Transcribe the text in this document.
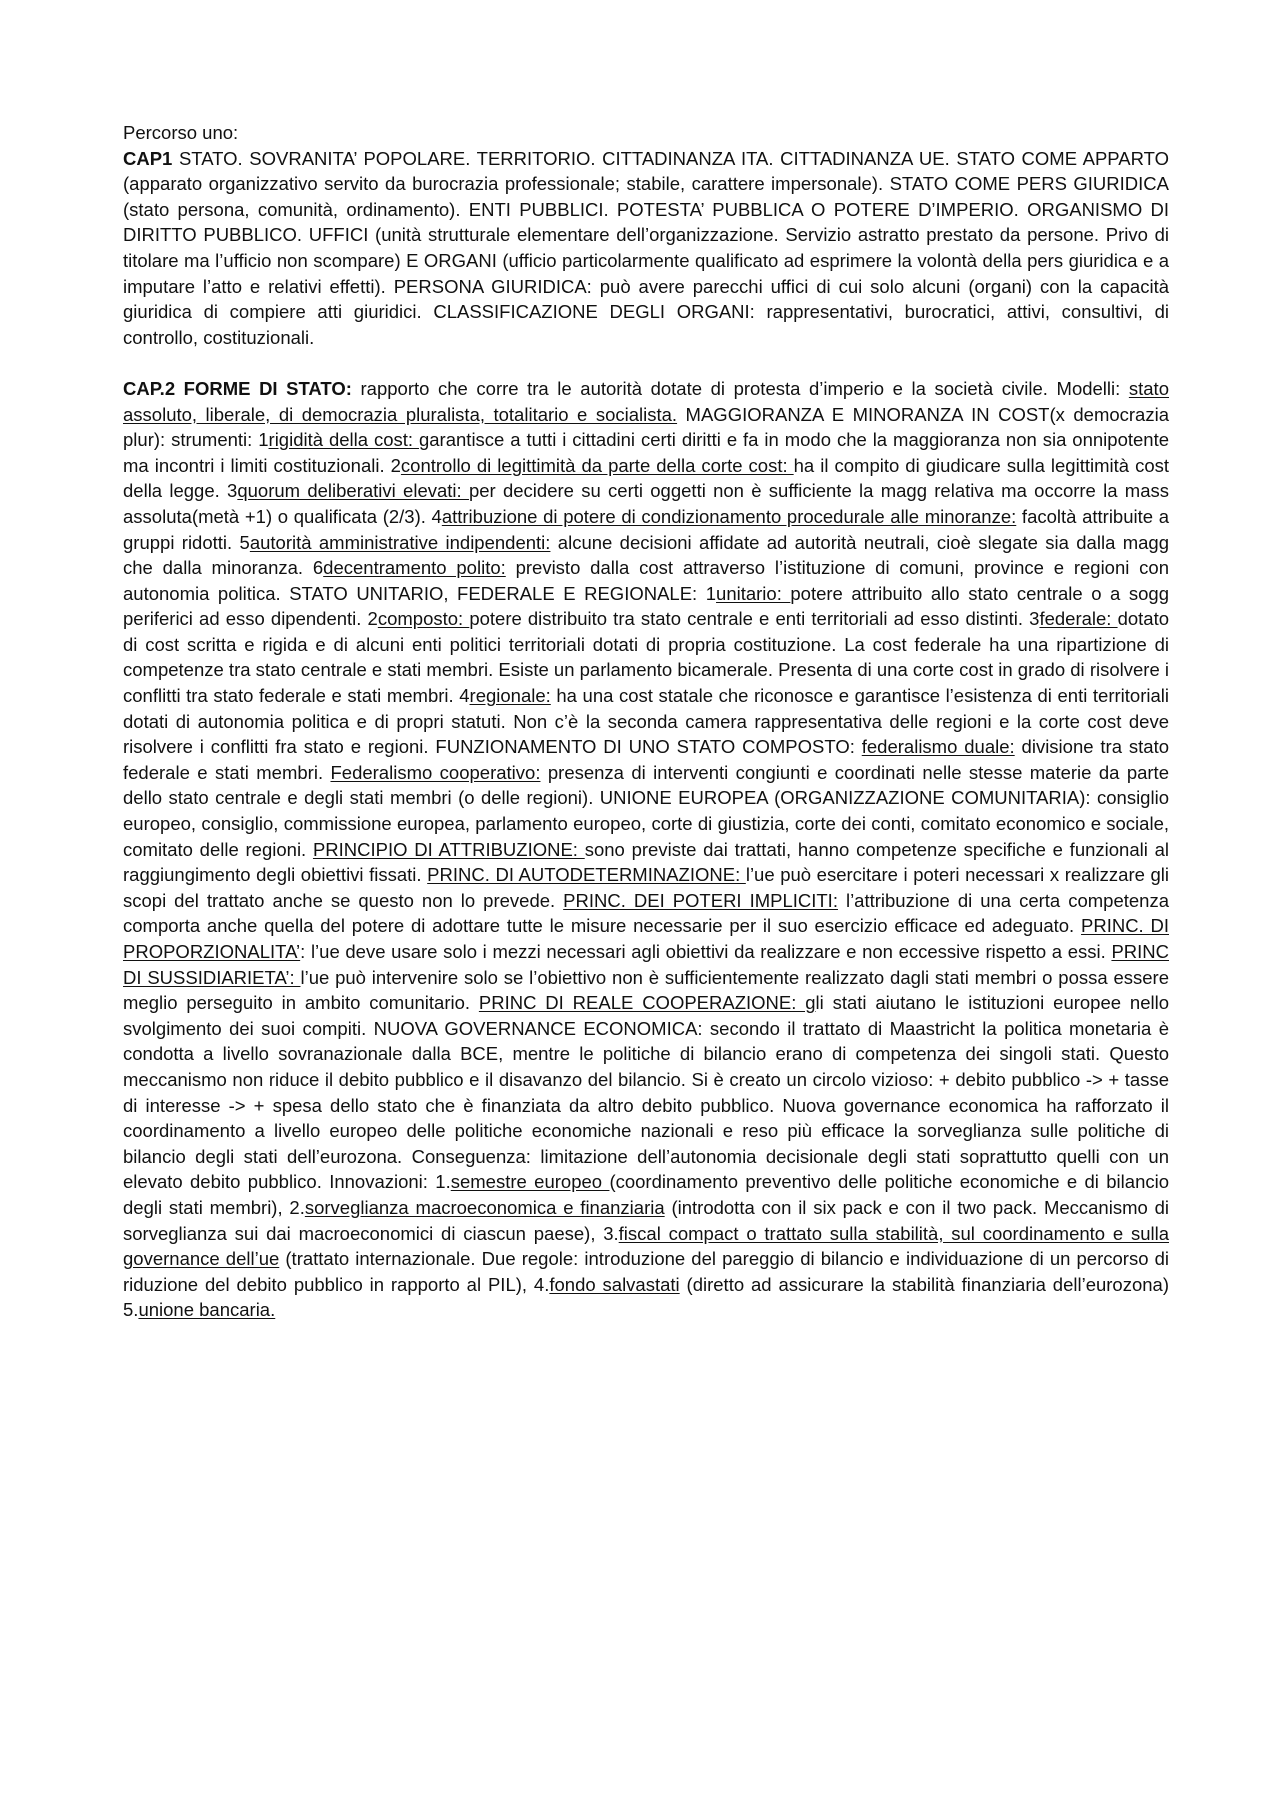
Percorso uno:

CAP1 STATO. SOVRANITA’ POPOLARE. TERRITORIO. CITTADINANZA ITA. CITTADINANZA UE. STATO COME APPARTO (apparato organizzativo servito da burocrazia professionale; stabile, carattere impersonale). STATO COME PERS GIURIDICA (stato persona, comunità, ordinamento). ENTI PUBBLICI. POTESTA’ PUBBLICA O POTERE D’IMPERIO. ORGANISMO DI DIRITTO PUBBLICO. UFFICI (unità strutturale elementare dell’organizzazione. Servizio astratto prestato da persone. Privo di titolare ma l’ufficio non scompare) E ORGANI (ufficio particolarmente qualificato ad esprimere la volontà della pers giuridica e a imputare l’atto e relativi effetti). PERSONA GIURIDICA: può avere parecchi uffici di cui solo alcuni (organi) con la capacità giuridica di compiere atti giuridici. CLASSIFICAZIONE DEGLI ORGANI: rappresentativi, burocratici, attivi, consultivi, di controllo, costituzionali.

CAP.2 FORME DI STATO: rapporto che corre tra le autorità dotate di protesta d’imperio e la società civile. Modelli: stato assoluto, liberale, di democrazia pluralista, totalitario e socialista. MAGGIORANZA E MINORANZA IN COST(x democrazia plur): strumenti: 1rigidità della cost: garantisce a tutti i cittadini certi diritti e fa in modo che la maggioranza non sia onnipotente ma incontri i limiti costituzionali. 2controllo di legittimità da parte della corte cost: ha il compito di giudicare sulla legittimità cost della legge. 3quorum deliberativi elevati: per decidere su certi oggetti non è sufficiente la magg relativa ma occorre la mass assoluta(metà +1) o qualificata (2/3). 4attribuzione di potere di condizionamento procedurale alle minoranze: facoltà attribuite a gruppi ridotti. 5autorità amministrative indipendenti: alcune decisioni affidate ad autorità neutrali, cioè slegate sia dalla magg che dalla minoranza. 6decentramento polito: previsto dalla cost attraverso l’istituzione di comuni, province e regioni con autonomia politica. STATO UNITARIO, FEDERALE E REGIONALE: 1unitario: potere attribuito allo stato centrale o a sogg periferici ad esso dipendenti. 2composto: potere distribuito tra stato centrale e enti territoriali ad esso distinti. 3federale: dotato di cost scritta e rigida e di alcuni enti politici territoriali dotati di propria costituzione. La cost federale ha una ripartizione di competenze tra stato centrale e stati membri. Esiste un parlamento bicamerale. Presenta di una corte cost in grado di risolvere i conflitti tra stato federale e stati membri. 4regionale: ha una cost statale che riconosce e garantisce l’esistenza di enti territoriali dotati di autonomia politica e di propri statuti. Non c’è la seconda camera rappresentativa delle regioni e la corte cost deve risolvere i conflitti fra stato e regioni. FUNZIONAMENTO DI UNO STATO COMPOSTO: federalismo duale: divisione tra stato federale e stati membri. Federalismo cooperativo: presenza di interventi congiunti e coordinati nelle stesse materie da parte dello stato centrale e degli stati membri (o delle regioni). UNIONE EUROPEA (ORGANIZZAZIONE COMUNITARIA): consiglio europeo, consiglio, commissione europea, parlamento europeo, corte di giustizia, corte dei conti, comitato economico e sociale, comitato delle regioni. PRINCIPIO DI ATTRIBUZIONE: sono previste dai trattati, hanno competenze specifiche e funzionali al raggiungimento degli obiettivi fissati. PRINC. DI AUTODETERMINAZIONE: l’ue può esercitare i poteri necessari x realizzare gli scopi del trattato anche se questo non lo prevede. PRINC. DEI POTERI IMPLICITI: l’attribuzione di una certa competenza comporta anche quella del potere di adottare tutte le misure necessarie per il suo esercizio efficace ed adeguato. PRINC. DI PROPORZIONALITA’: l’ue deve usare solo i mezzi necessari agli obiettivi da realizzare e non eccessive rispetto a essi. PRINC DI SUSSIDIARIETA’: l’ue può intervenire solo se l’obiettivo non è sufficientemente realizzato dagli stati membri o possa essere meglio perseguito in ambito comunitario. PRINC DI REALE COOPERAZIONE: gli stati aiutano le istituzioni europee nello svolgimento dei suoi compiti. NUOVA GOVERNANCE ECONOMICA: secondo il trattato di Maastricht la politica monetaria è condotta a livello sovranazionale dalla BCE, mentre le politiche di bilancio erano di competenza dei singoli stati. Questo meccanismo non riduce il debito pubblico e il disavanzo del bilancio. Si è creato un circolo vizioso: + debito pubblico -> + tasse di interesse -> + spesa dello stato che è finanziata da altro debito pubblico. Nuova governance economica ha rafforzato il coordinamento a livello europeo delle politiche economiche nazionali e reso più efficace la sorveglianza sulle politiche di bilancio degli stati dell’eurozona. Conseguenza: limitazione dell’autonomia decisionale degli stati soprattutto quelli con un elevato debito pubblico. Innovazioni: 1.semestre europeo (coordinamento preventivo delle politiche economiche e di bilancio degli stati membri), 2.sorveglianza macroeconomica e finanziaria (introdotta con il six pack e con il two pack. Meccanismo di sorveglianza sui dai macroeconomici di ciascun paese), 3.fiscal compact o trattato sulla stabilità, sul coordinamento e sulla governance dell’ue (trattato internazionale. Due regole: introduzione del pareggio di bilancio e individuazione di un percorso di riduzione del debito pubblico in rapporto al PIL), 4.fondo salvastati (diretto ad assicurare la stabilità finanziaria dell’eurozona) 5.unione bancaria.
